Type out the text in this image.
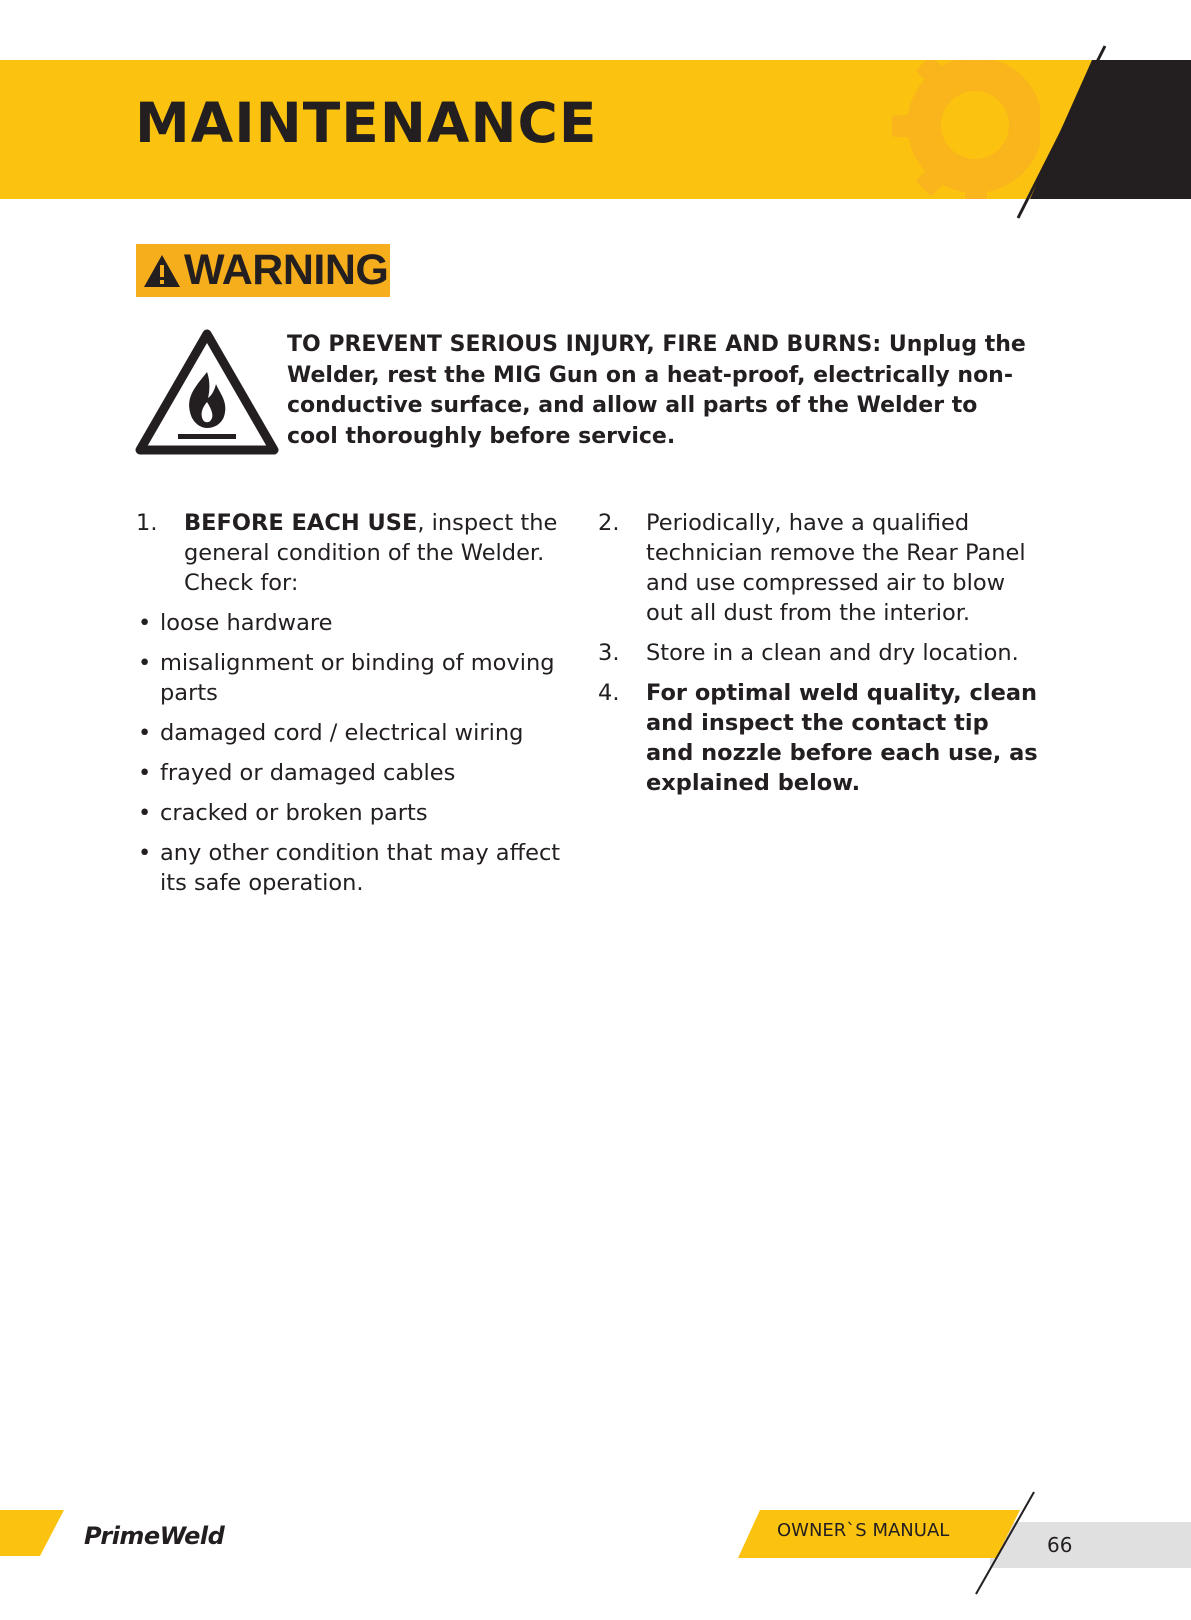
MAINTENANCE
WARNING

TO PREVENT SERIOUS INJURY, FIRE AND BURNS: Unplug the Welder, rest the MIG Gun on a heat-proof, electrically non-conductive surface, and allow all parts of the Welder to cool thoroughly before service.

1. BEFORE EACH USE, inspect the general condition of the Welder. Check for:
• loose hardware
• misalignment or binding of moving parts
• damaged cord / electrical wiring
• frayed or damaged cables
• cracked or broken parts
• any other condition that may affect its safe operation.
2. Periodically, have a qualified technician remove the Rear Panel and use compressed air to blow out all dust from the interior.
3. Store in a clean and dry location.
4. For optimal weld quality, clean and inspect the contact tip and nozzle before each use, as explained below.
PrimeWeld	OWNER`S MANUAL
66
